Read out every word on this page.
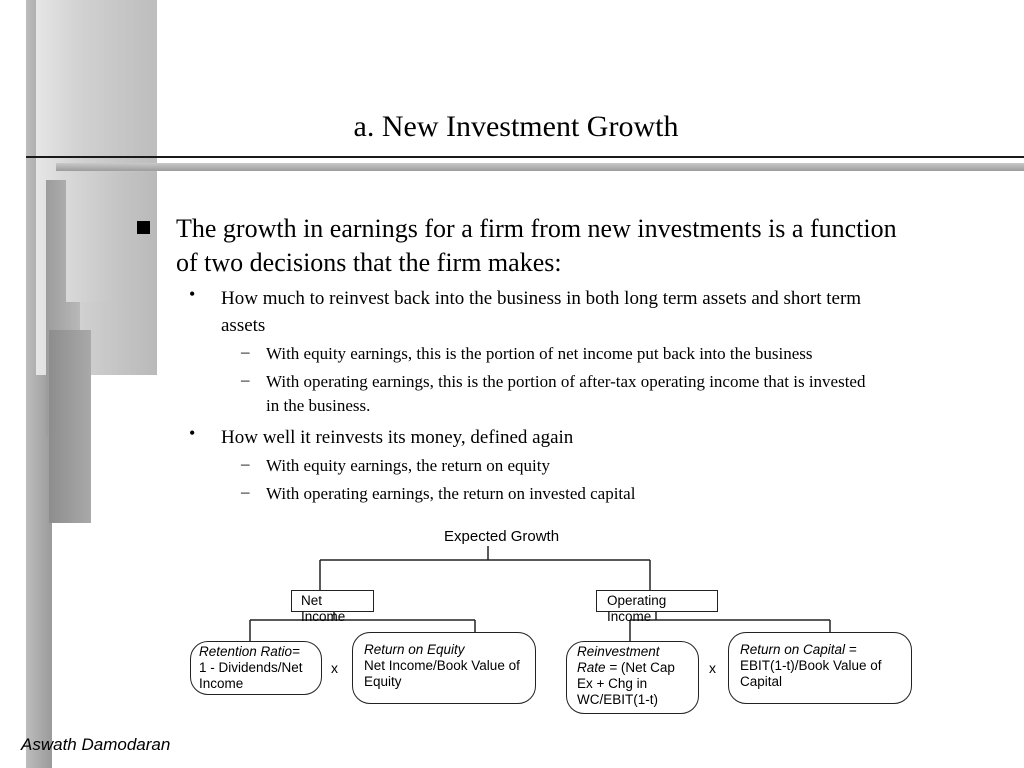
a. New Investment Growth
The growth in earnings for a firm from new investments is a function
of two decisions that the firm makes:
• How much to reinvest back into the business in both long term assets and short term
assets
– With equity earnings, this is the portion of net income put back into the business
– With operating earnings, this is the portion of after-tax operating income that is invested
in the business.
• How well it reinvests its money, defined again
– With equity earnings, the return on equity
– With operating earnings, the return on invested capital
Expected Growth
Net Income
Operating Income
Retention Ratio=
1 - Dividends/Net
Income
x
Return on Equity
Net Income/Book Value of
Equity
Reinvestment
Rate = (Net Cap
Ex + Chg in
WC/EBIT(1-t)
x
Return on Capital =
EBIT(1-t)/Book Value of
Capital
Aswath Damodaran
